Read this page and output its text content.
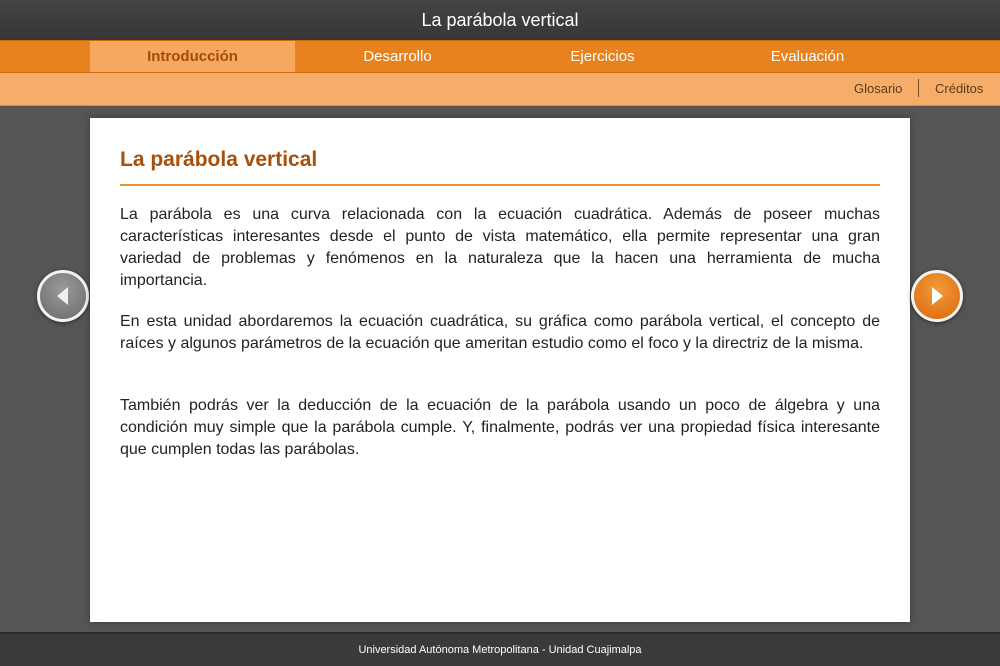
La parábola vertical
Introducción	Desarrollo	Ejercicios	Evaluación
Glosario	Créditos
La parábola vertical

La parábola es una curva relacionada con la ecuación cuadrática. Además de poseer muchas características interesantes desde el punto de vista matemático, ella permite representar una gran variedad de problemas y fenómenos en la naturaleza que la hacen una herramienta de mucha importancia.

En esta unidad abordaremos la ecuación cuadrática, su gráfica como parábola vertical, el concepto de raíces y algunos parámetros de la ecuación que ameritan estudio como el foco y la directriz de la misma.

También podrás ver la deducción de la ecuación de la parábola usando un poco de álgebra y una condición muy simple que la parábola cumple. Y, finalmente, podrás ver una propiedad física interesante que cumplen todas las parábolas.

Universidad Autónoma Metropolitana - Unidad Cuajimalpa
